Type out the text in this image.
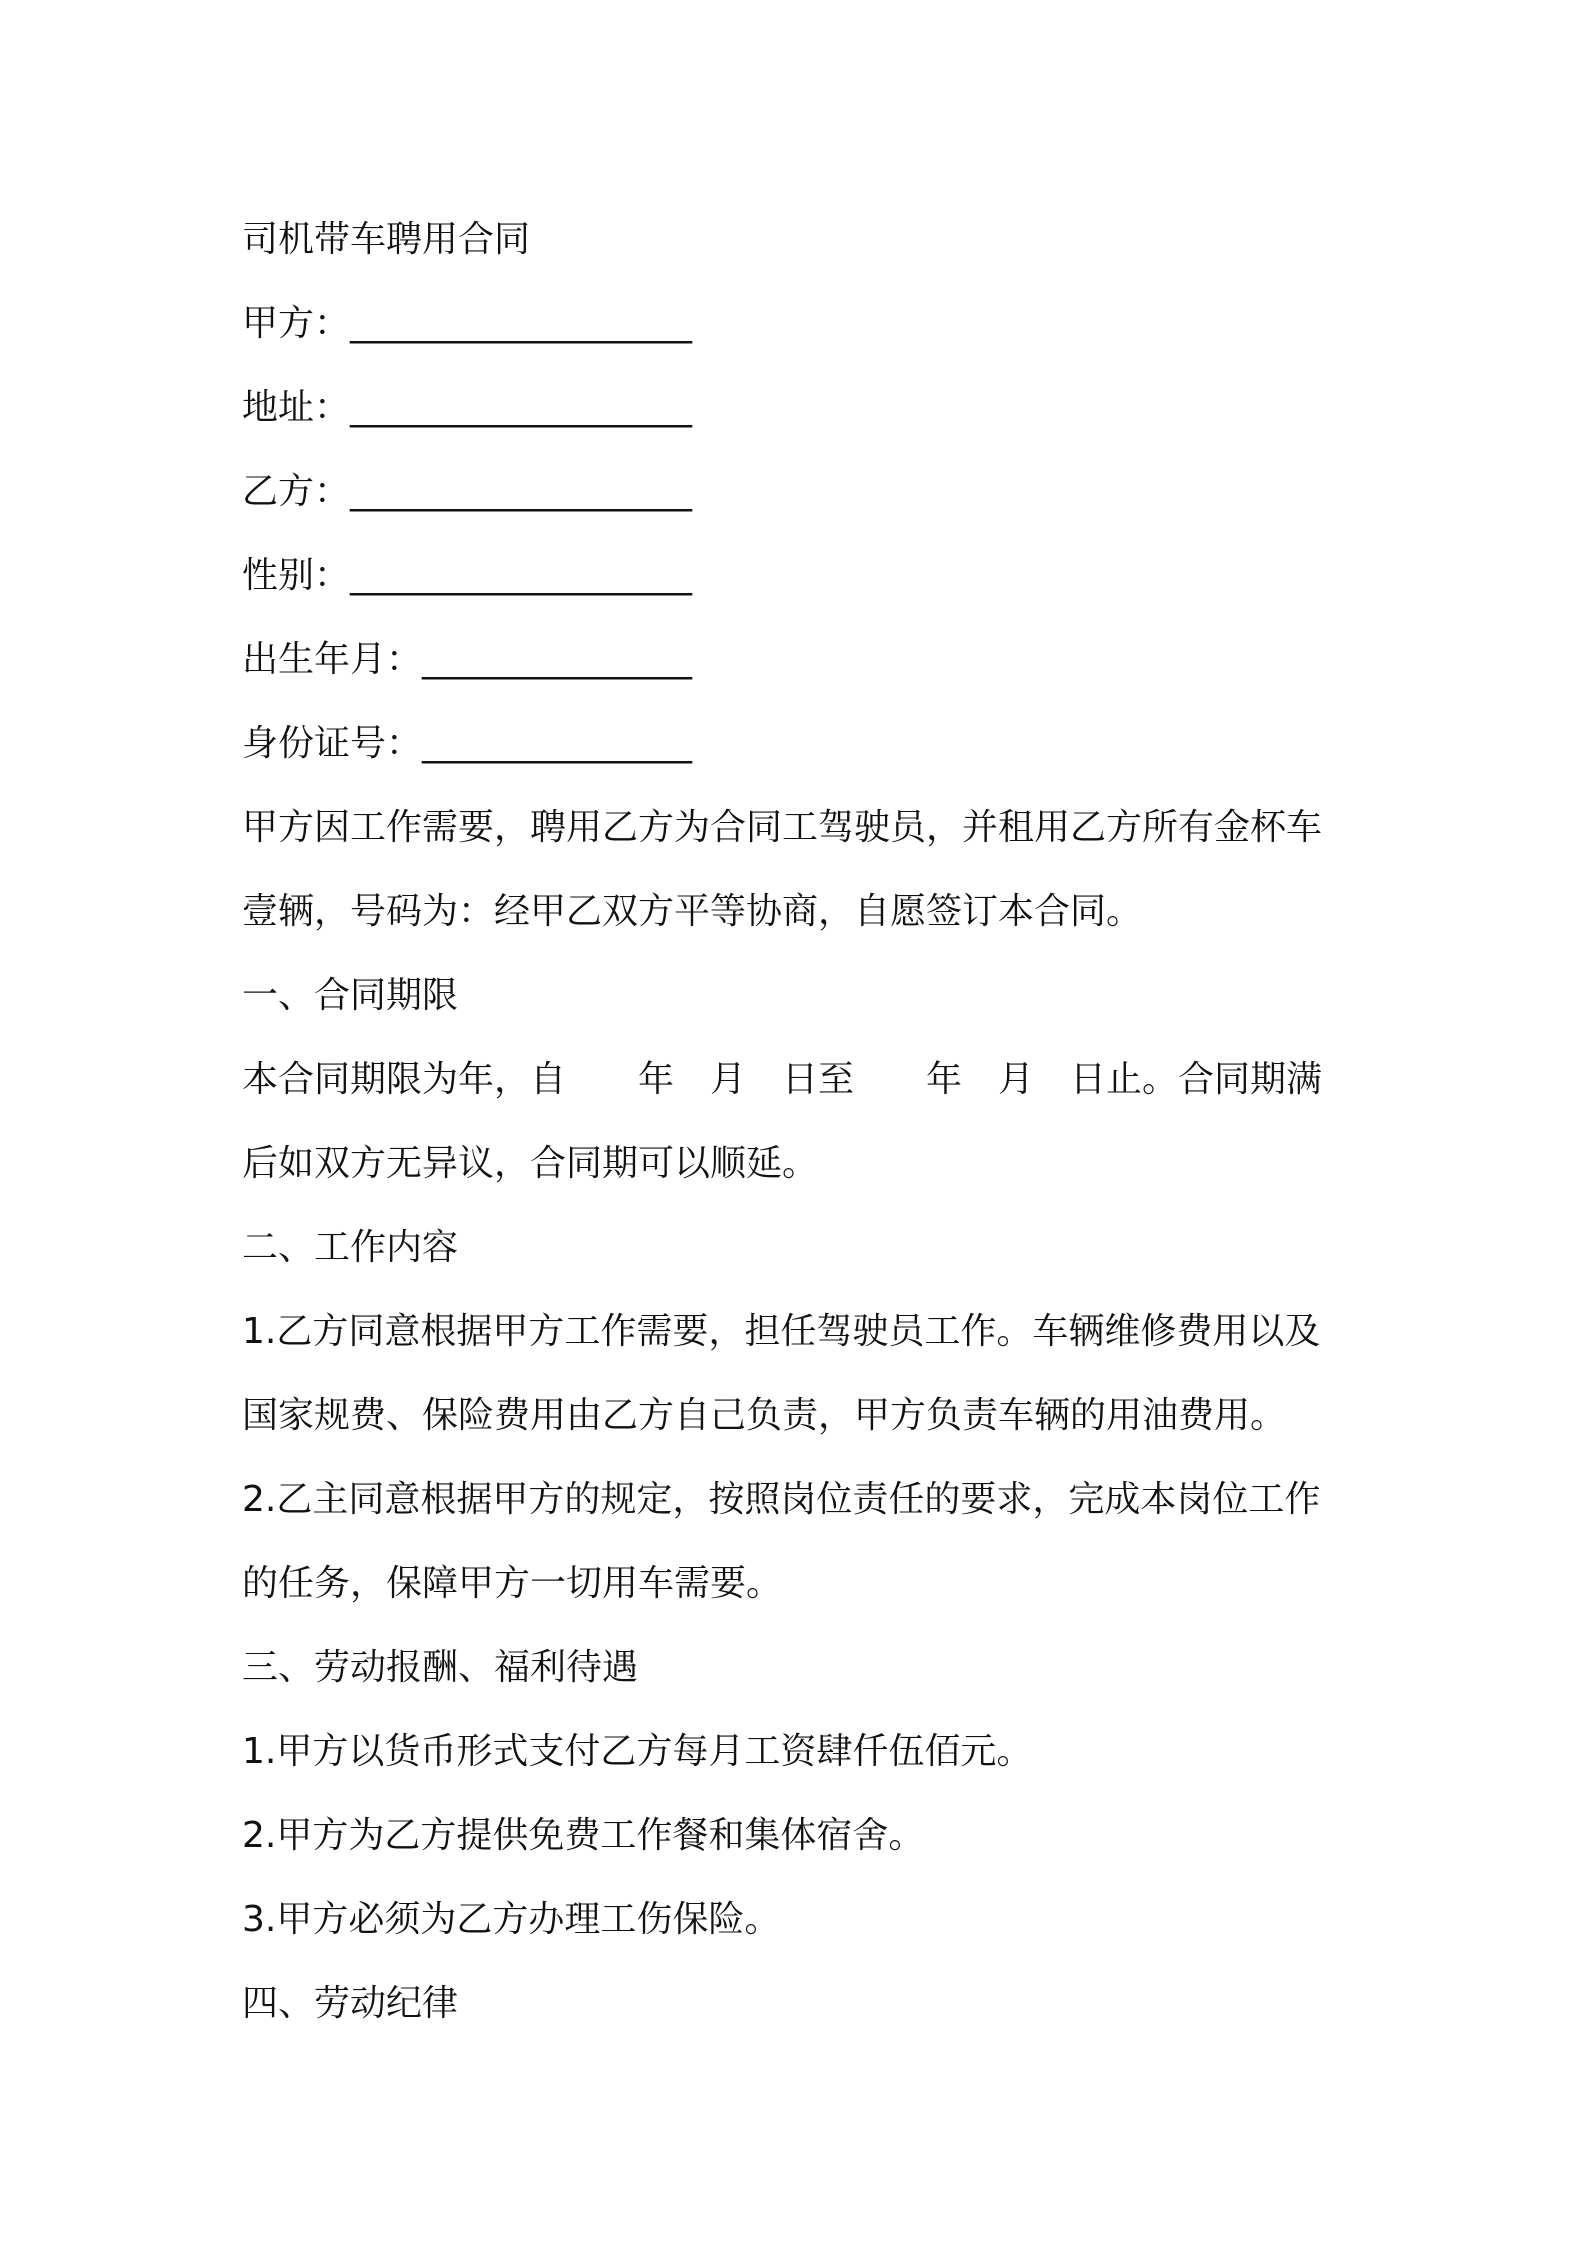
司机带车聘用合同

甲方：___________________

地址：___________________

乙方：___________________

性别：___________________

出生年月：_______________

身份证号：_______________

甲方因工作需要，聘用乙方为合同工驾驶员，并租用乙方所有金杯车

壹辆，号码为：经甲乙双方平等协商，自愿签订本合同。

一、合同期限

本合同期限为年，自　　年　月　日至　　年　月　日止。合同期满

后如双方无异议，合同期可以顺延。

二、工作内容

1.乙方同意根据甲方工作需要，担任驾驶员工作。车辆维修费用以及

国家规费、保险费用由乙方自己负责，甲方负责车辆的用油费用。

2.乙主同意根据甲方的规定，按照岗位责任的要求，完成本岗位工作

的任务，保障甲方一切用车需要。

三、劳动报酬、福利待遇

1.甲方以货币形式支付乙方每月工资肆仟伍佰元。

2.甲方为乙方提供免费工作餐和集体宿舍。

3.甲方必须为乙方办理工伤保险。

四、劳动纪律
